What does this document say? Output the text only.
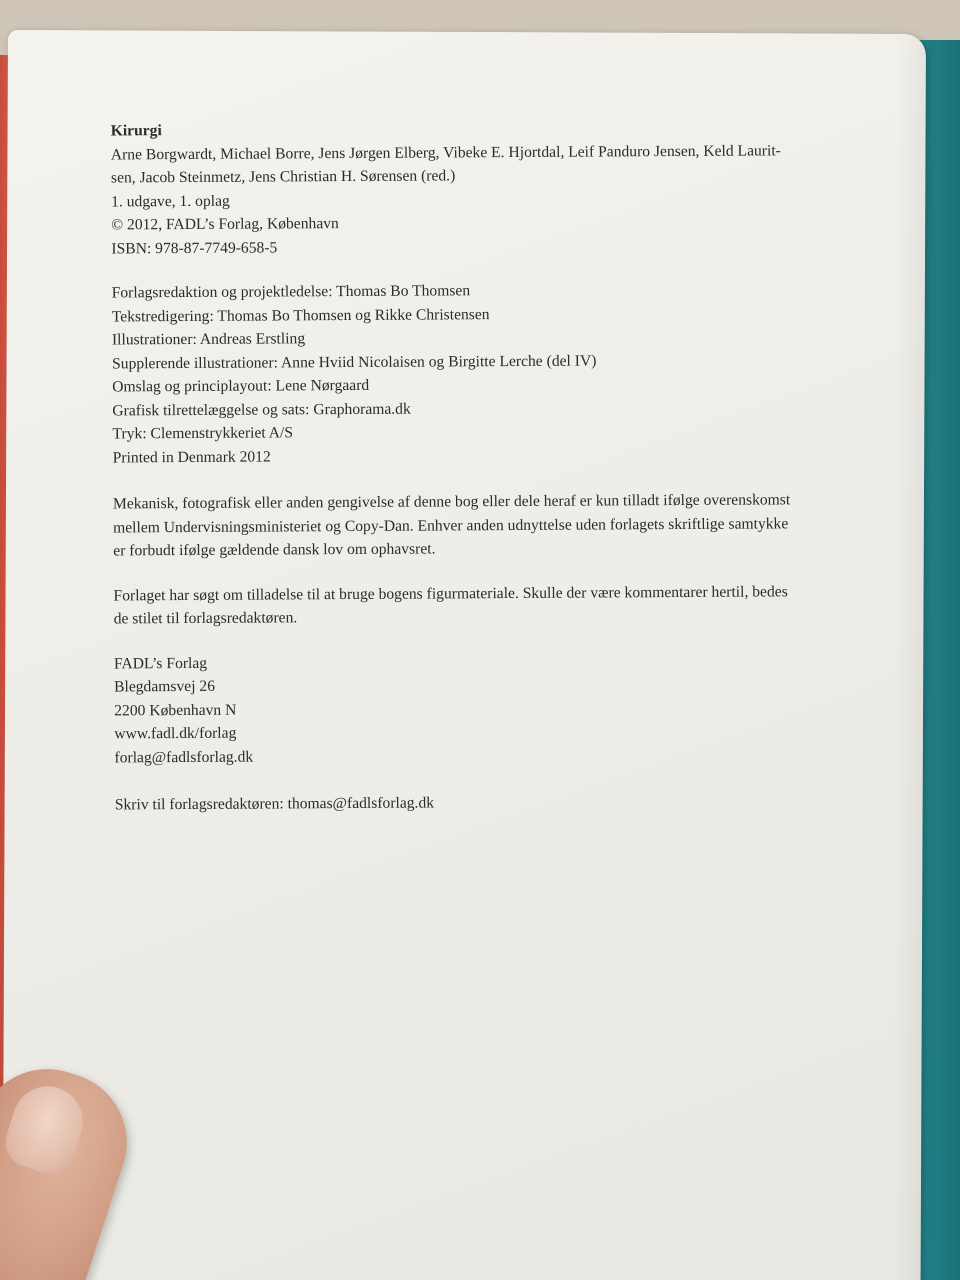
Kirurgi
Arne Borgwardt, Michael Borre, Jens Jørgen Elberg, Vibeke E. Hjortdal, Leif Panduro Jensen, Keld Laurit-
sen, Jacob Steinmetz, Jens Christian H. Sørensen (red.)
1. udgave, 1. oplag
© 2012, FADL’s Forlag, København
ISBN: 978-87-7749-658-5
Forlagsredaktion og projektledelse: Thomas Bo Thomsen
Tekstredigering: Thomas Bo Thomsen og Rikke Christensen
Illustrationer: Andreas Erstling
Supplerende illustrationer: Anne Hviid Nicolaisen og Birgitte Lerche (del IV)
Omslag og principlayout: Lene Nørgaard
Grafisk tilrettelæggelse og sats: Graphorama.dk
Tryk: Clemenstrykkeriet A/S
Printed in Denmark 2012
Mekanisk, fotografisk eller anden gengivelse af denne bog eller dele heraf er kun tilladt ifølge overenskomst
mellem Undervisningsministeriet og Copy-Dan. Enhver anden udnyttelse uden forlagets skriftlige samtykke
er forbudt ifølge gældende dansk lov om ophavsret.
Forlaget har søgt om tilladelse til at bruge bogens figurmateriale. Skulle der være kommentarer hertil, bedes
de stilet til forlagsredaktøren.
FADL’s Forlag
Blegdamsvej 26
2200 København N
www.fadl.dk/forlag
forlag@fadlsforlag.dk
Skriv til forlagsredaktøren: thomas@fadlsforlag.dk
